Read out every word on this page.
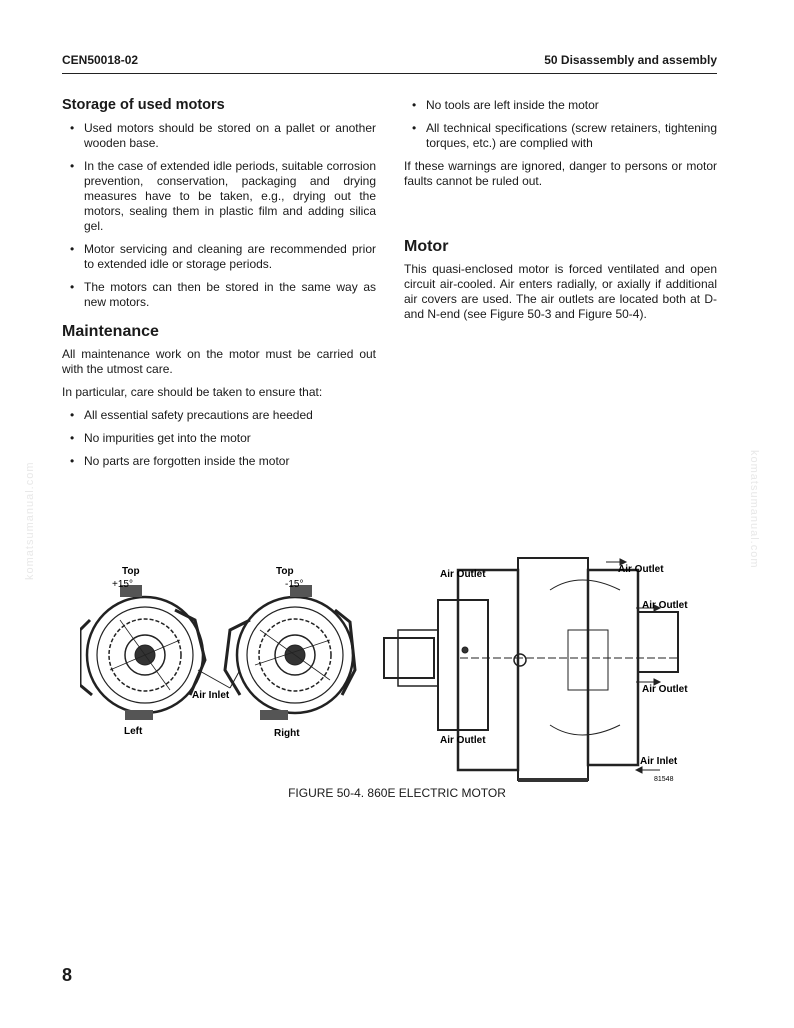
CEN50018-02	50 Disassembly and assembly
komatsumanual.com	komatsumanual.com
Storage of used motors
• Used motors should be stored on a pallet or another wooden base.
• In the case of extended idle periods, suitable corrosion prevention, conservation, packaging and drying measures have to be taken, e.g., drying out the motors, sealing them in plastic film and adding silica gel.
• Motor servicing and cleaning are recommended prior to extended idle or storage periods.
• The motors can then be stored in the same way as new motors.
Maintenance

All maintenance work on the motor must be carried out with the utmost care.

In particular, care should be taken to ensure that:

• All essential safety precautions are heeded
• No impurities get into the motor
• No parts are forgotten inside the motor
• No tools are left inside the motor
• All technical specifications (screw retainers, tightening torques, etc.) are complied with

If these warnings are ignored, danger to persons or motor faults cannot be ruled out.

Motor

This quasi-enclosed motor is forced ventilated and open circuit air-cooled. Air enters radially, or axially if additional air covers are used. The air outlets are located both at D- and N-end (see Figure 50-3 and Figure 50-4).

Top
+15°
Top
-15°
Air Inlet
Left	Right
Air Outlet	Air Outlet
Air Outlet
Air Outlet
Air Outlet
Air Inlet
81548
FIGURE 50-4. 860E ELECTRIC MOTOR
8
